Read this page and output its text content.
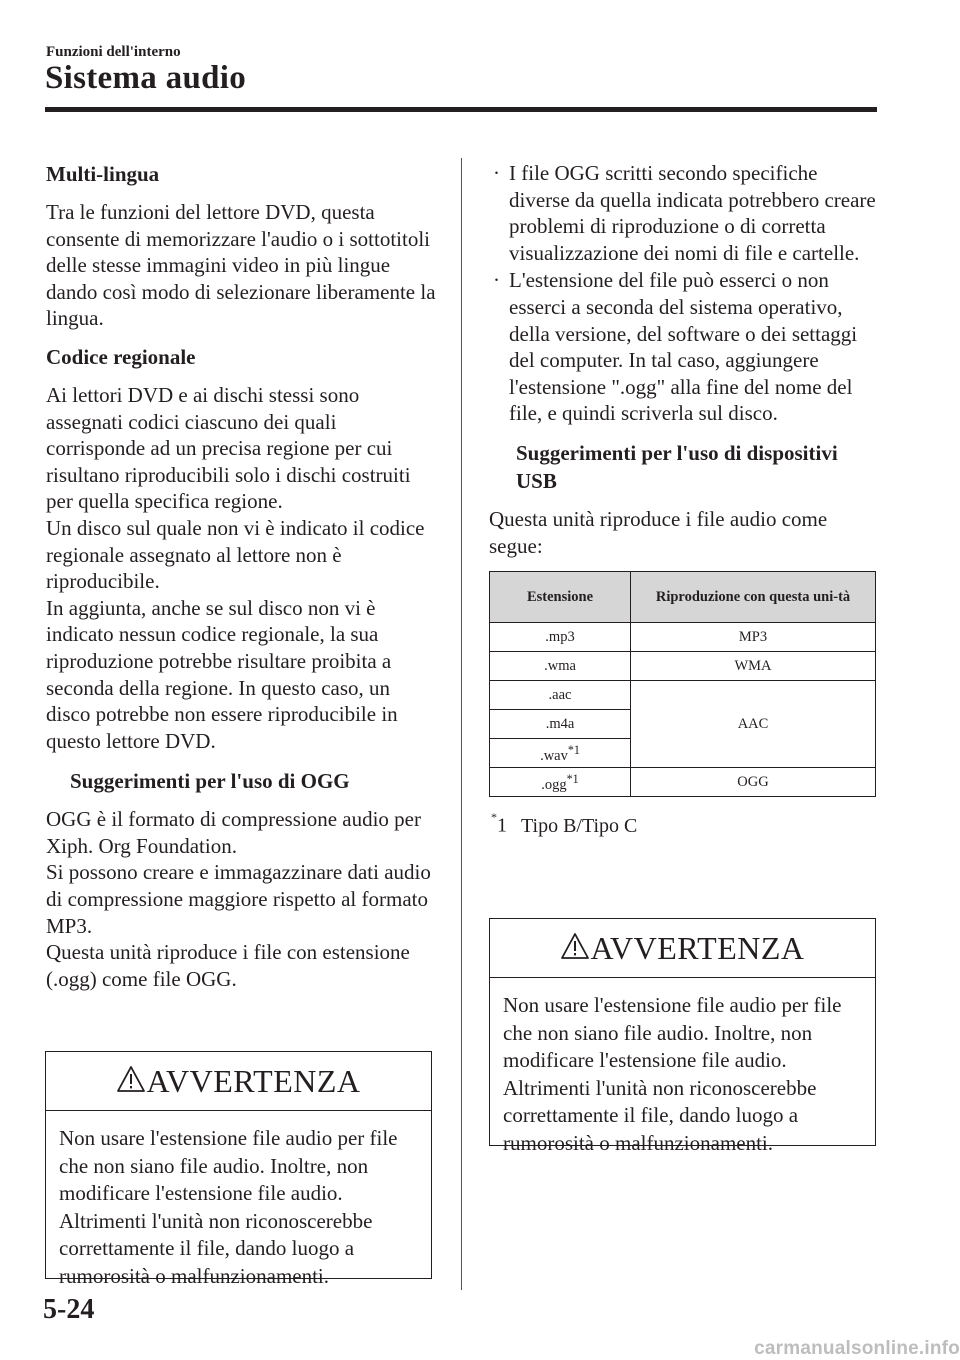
Funzioni dell'interno
Sistema audio
Multi-lingua

Tra le funzioni del lettore DVD, questa consente di memorizzare l'audio o i sottotitoli delle stesse immagini video in più lingue dando così modo di selezionare liberamente la lingua.

Codice regionale

Ai lettori DVD e ai dischi stessi sono assegnati codici ciascuno dei quali corrisponde ad un precisa regione per cui risultano riproducibili solo i dischi costruiti per quella specifica regione.

Un disco sul quale non vi è indicato il codice regionale assegnato al lettore non è riproducibile.

In aggiunta, anche se sul disco non vi è indicato nessun codice regionale, la sua riproduzione potrebbe risultare proibita a seconda della regione. In questo caso, un disco potrebbe non essere riproducibile in questo lettore DVD.

Suggerimenti per l'uso di OGG

OGG è il formato di compressione audio per Xiph. Org Foundation.

Si possono creare e immagazzinare dati audio di compressione maggiore rispetto al formato MP3.

Questa unità riproduce i file con estensione (.ogg) come file OGG.

AVVERTENZA
Non usare l'estensione file audio per file che non siano file audio. Inoltre, non modificare l'estensione file audio. Altrimenti l'unità non riconoscerebbe correttamente il file, dando luogo a rumorosità o malfunzionamenti.
· I file OGG scritti secondo specifiche diverse da quella indicata potrebbero creare problemi di riproduzione o di corretta visualizzazione dei nomi di file e cartelle.
· L'estensione del file può esserci o non esserci a seconda del sistema operativo, della versione, del software o dei settaggi del computer. In tal caso, aggiungere l'estensione ".ogg" alla fine del nome del file, e quindi scriverla sul disco.
Suggerimenti per l'uso di dispositivi USB

Questa unità riproduce i file audio come segue:

Estensione	Riproduzione con questa uni-tà
.mp3	MP3
.wma	WMA
.aac	AAC
.m4a	
.wav$^{*1}$
.ogg$^{*1}$	OGG
*1 Tipo B/Tipo C
AVVERTENZA
Non usare l'estensione file audio per file che non siano file audio. Inoltre, non modificare l'estensione file audio. Altrimenti l'unità non riconoscerebbe correttamente il file, dando luogo a rumorosità o malfunzionamenti.
5-24
carmanualsonline.info
